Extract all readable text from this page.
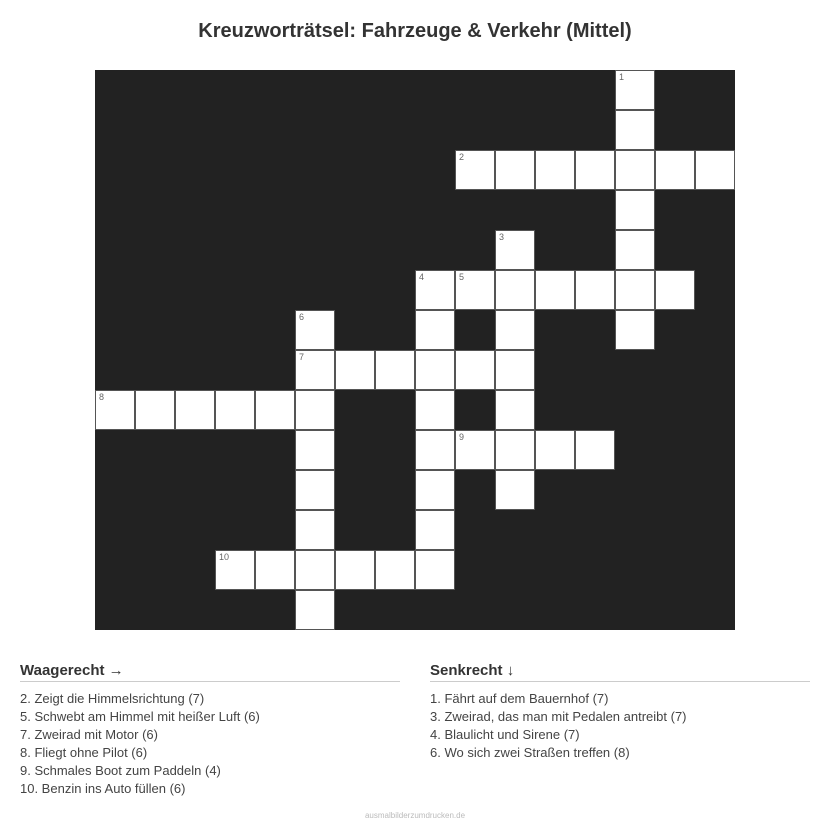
Kreuzworträtsel: Fahrzeuge & Verkehr (Mittel)
1
2
3
4	5
6
7
8
9
10
Waagerecht →
2. Zeigt die Himmelsrichtung (7)
5. Schwebt am Himmel mit heißer Luft (6)
7. Zweirad mit Motor (6)
8. Fliegt ohne Pilot (6)
9. Schmales Boot zum Paddeln (4)
10. Benzin ins Auto füllen (6)
Senkrecht ↓
1. Fährt auf dem Bauernhof (7)
3. Zweirad, das man mit Pedalen antreibt (7)
4. Blaulicht und Sirene (7)
6. Wo sich zwei Straßen treffen (8)
ausmalbilderzumdrucken.de
